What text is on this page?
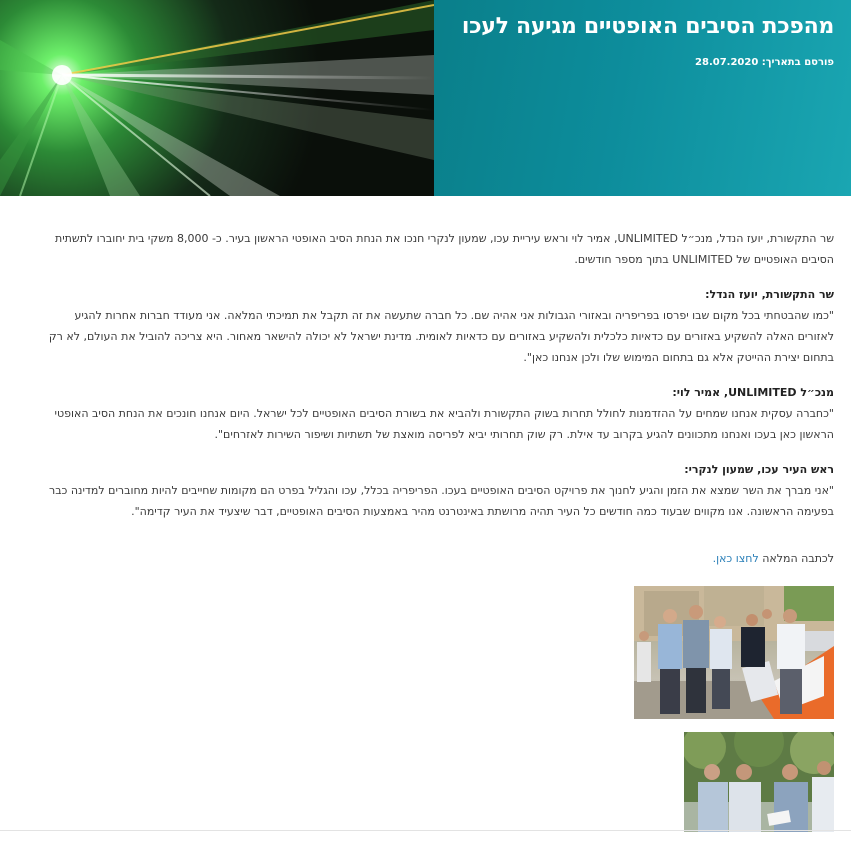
מהפכת הסיבים האופטיים מגיעה לעכו
פורסם בתאריך: 28.07.2020

שר התקשורת, יועז הנדל, מנכ״ל UNLIMITED, אמיר לוי וראש עיריית עכו, שמעון לנקרי חנכו את הנחת הסיב האופטי הראשון בעיר. כ- 8,000 משקי בית יחוברו לתשתית הסיבים האופטיים של UNLIMITED בתוך מספר חודשים.

שר התקשורת, יועז הנדל:
"כמו שהבטחתי בכל מקום שבו יפרסו בפריפריה ובאזורי הגבולות אני אהיה שם. כל חברה שתעשה את זה תקבל את תמיכתי המלאה. אני מעודד חברות אחרות להגיע לאזורים האלה להשקיע באזורים עם כדאיות כלכלית ולהשקיע באזורים עם כדאיות לאומית. מדינת ישראל לא יכולה להישאר מאחור. היא צריכה להוביל את העולם, לא רק בתחום יצירת ההייטק אלא גם בתחום המימוש שלו ולכן אנחנו כאן".

מנכ״ל UNLIMITED, אמיר לוי:
"כחברה עסקית אנחנו שמחים על ההזדמנות לחולל תחרות בשוק התקשורת ולהביא את בשורת הסיבים האופטיים לכל ישראל. היום אנחנו חונכים את הנחת הסיב האופטי הראשון כאן בעכו ואנחנו מתכוונים להגיע בקרוב עד אילת. רק שוק תחרותי יביא לפריסה מואצת של תשתיות ושיפור השירות לאזרחים".

ראש העיר עכו, שמעון לנקרי:
"אני מברך את השר שמצא את הזמן והגיע לחנוך את פרויקט הסיבים האופטיים בעכו. הפריפריה בכלל, עכו והגליל בפרט הם מקומות שחייבים להיות מחוברים למדינה כבר בפעימה הראשונה. אנו מקווים שבעוד כמה חודשים כל העיר תהיה מרושתת באינטרנט מהיר באמצעות הסיבים האופטיים, דבר שיצעיד את העיר קדימה".

לכתבה המלאה לחצו כאן.
